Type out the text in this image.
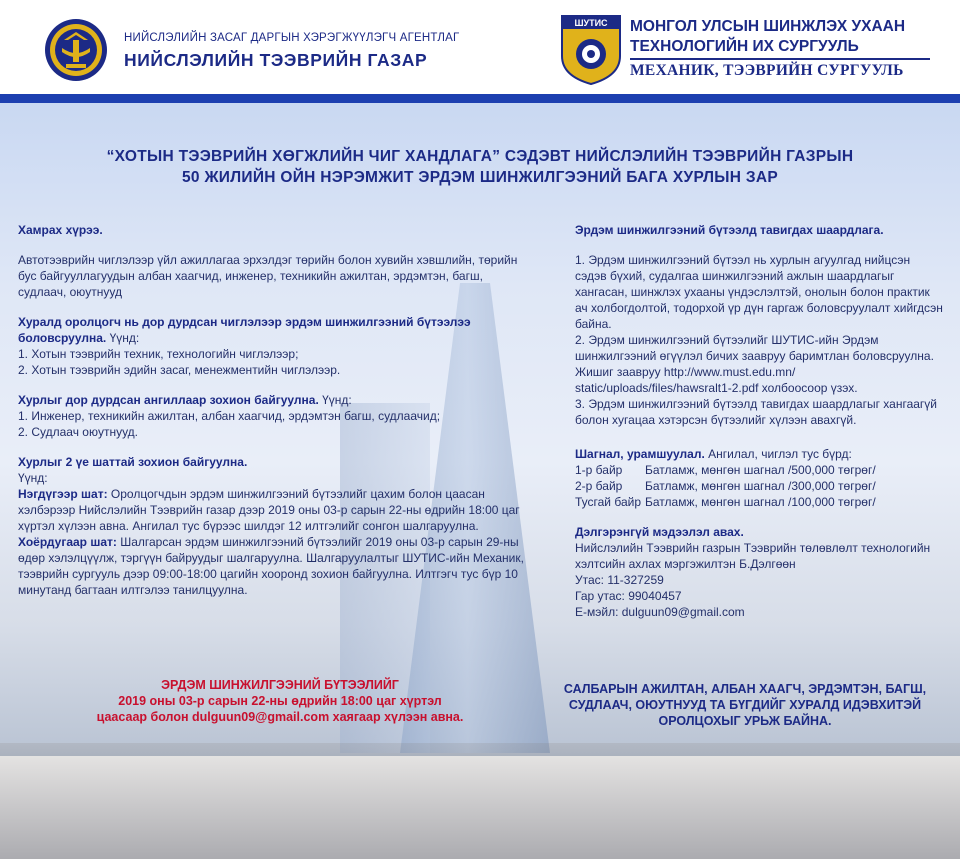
НИЙСЛЭЛИЙН ЗАСАГ ДАРГЫН ХЭРЭГЖҮҮЛЭГЧ АГЕНТЛАГ
НИЙСЛЭЛИЙН ТЭЭВРИЙН ГАЗАР
ШУТИС МОНГОЛ УЛСЫН ШИНЖЛЭХ УХААН
ТЕХНОЛОГИЙН ИХ СУРГУУЛЬ
МЕХАНИК, ТЭЭВРИЙН СУРГУУЛЬ
“ХОТЫН ТЭЭВРИЙН ХӨГЖЛИЙН ЧИГ ХАНДЛАГА” СЭДЭВТ НИЙСЛЭЛИЙН ТЭЭВРИЙН ГАЗРЫН
50 ЖИЛИЙН ОЙН НЭРЭМЖИТ ЭРДЭМ ШИНЖИЛГЭЭНИЙ БАГА ХУРЛЫН ЗАР

Хамрах хүрээ.

Автотээврийн чиглэлээр үйл ажиллагаа эрхэлдэг төрийн болон хувийн хэвшлийн, төрийн бус байгууллагуудын албан хаагчид, инженер, техникийн ажилтан, эрдэмтэн, багш, судлаач, оюутнууд

Хуралд оролцогч нь дор дурдсан чиглэлээр эрдэм шинжилгээний бүтээлээ боловсруулна. Үүнд:

1. Хотын тээврийн техник, технологийн чиглэлээр;

2. Хотын тээврийн эдийн засаг, менежментийн чиглэлээр.

Хурлыг дор дурдсан ангиллаар зохион байгуулна. Үүнд:

1. Инженер, техникийн ажилтан, албан хаагчид, эрдэмтэн багш, судлаачид;

2. Судлаач оюутнууд.

Хурлыг 2 үе шаттай зохион байгуулна.

Үүнд:

Нэгдүгээр шат: Оролцогчдын эрдэм шинжилгээний бүтээлийг цахим болон цаасан хэлбэрээр Нийслэлийн Тээврийн газар дээр 2019 оны 03-р сарын 22-ны өдрийн 18:00 цаг хүртэл хүлээн авна. Ангилал тус бүрээс шилдэг 12 илтгэлийг сонгон шалгаруулна.

Хоёрдугаар шат: Шалгарсан эрдэм шинжилгээний бүтээлийг 2019 оны 03-р сарын 29-ны өдөр хэлэлцүүлж, тэргүүн байруудыг шалгаруулна. Шалгаруулалтыг ШУТИС-ийн Механик, тээврийн сургууль дээр 09:00-18:00 цагийн хооронд зохион байгуулна. Илтгэгч тус бүр 10 минутанд багтаан илтгэлээ танилцуулна.

ЭРДЭМ ШИНЖИЛГЭЭНИЙ БҮТЭЭЛИЙГ
2019 оны 03-р сарын 22-ны өдрийн 18:00 цаг хүртэл
цаасаар болон dulguun09@gmail.com хаягаар хүлээн авна.

Эрдэм шинжилгээний бүтээлд тавигдах шаардлага.

1. Эрдэм шинжилгээний бүтээл нь хурлын агуулгад нийцсэн сэдэв бүхий, судалгаа шинжилгээний ажлын шаардлагыг хангасан, шинжлэх ухааны үндэслэлтэй, онолын болон практик ач холбогдолтой, тодорхой үр дүн гаргаж боловсруулалт хийгдсэн байна.

2. Эрдэм шинжилгээний бүтээлийг ШУТИС-ийн Эрдэм шинжилгээний өгүүлэл бичих заавруу баримтлан боловсруулна. Жишиг заавруу http://www.must.edu.mn/ static/uploads/files/hawsralt1-2.pdf холбоосоор үзэх.

3. Эрдэм шинжилгээний бүтээлд тавигдах шаардлагыг хангаагүй болон хугацаа хэтэрсэн бүтээлийг хүлээн авахгүй.

Шагнал, урамшуулал. Ангилал, чиглэл тус бүрд:

1-р байр	Батламж, мөнгөн шагнал /500,000 төгрөг/
2-р байр	Батламж, мөнгөн шагнал /300,000 төгрөг/
Тусгай байр Батламж, мөнгөн шагнал /100,000 төгрөг/

Дэлгэрэнгүй мэдээлэл авах.

Нийслэлийн Тээврийн газрын Тээврийн төлөвлөлт технологийн хэлтсийн ахлах мэргэжилтэн Б.Дэлгөөн

Утас: 11-327259

Гар утас: 99040457

Е-мэйл: dulguun09@gmail.com

САЛБАРЫН АЖИЛТАН, АЛБАН ХААГЧ, ЭРДЭМТЭН, БАГШ,
СУДЛААЧ, ОЮУТНУУД ТА БҮГДИЙГ ХУРАЛД ИДЭВХИТЭЙ
ОРОЛЦОХЫГ УРЬЖ БАЙНА.
